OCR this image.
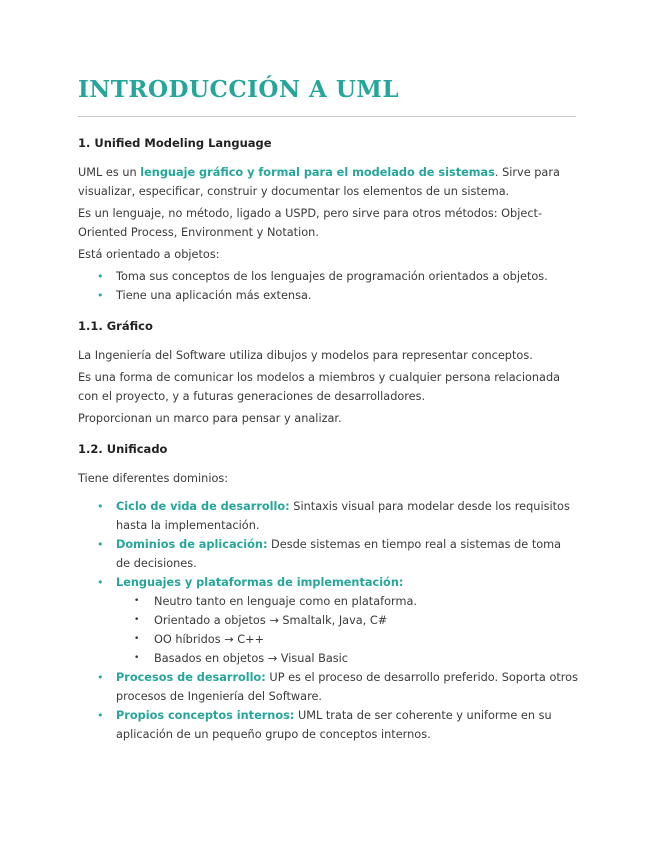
INTRODUCCIÓN A UML
1. Unified Modeling Language

UML es un lenguaje gráfico y formal para el modelado de sistemas. Sirve para visualizar, especificar, construir y documentar los elementos de un sistema.

Es un lenguaje, no método, ligado a USPD, pero sirve para otros métodos: Object-Oriented Process, Environment y Notation.

Está orientado a objetos:

• Toma sus conceptos de los lenguajes de programación orientados a objetos.
• Tiene una aplicación más extensa.
1.1. Gráfico

La Ingeniería del Software utiliza dibujos y modelos para representar conceptos.

Es una forma de comunicar los modelos a miembros y cualquier persona relacionada con el proyecto, y a futuras generaciones de desarrolladores.

Proporcionan un marco para pensar y analizar.

1.2. Unificado

Tiene diferentes dominios:

• Ciclo de vida de desarrollo: Sintaxis visual para modelar desde los requisitos hasta la implementación.
• Dominios de aplicación: Desde sistemas en tiempo real a sistemas de toma de decisiones.
• Lenguajes y plataformas de implementación:
• Neutro tanto en lenguaje como en plataforma.
• Orientado a objetos → Smaltalk, Java, C#
• OO híbridos → C++
• Basados en objetos → Visual Basic
• Procesos de desarrollo: UP es el proceso de desarrollo preferido. Soporta otros procesos de Ingeniería del Software.
• Propios conceptos internos: UML trata de ser coherente y uniforme en su aplicación de un pequeño grupo de conceptos internos.
